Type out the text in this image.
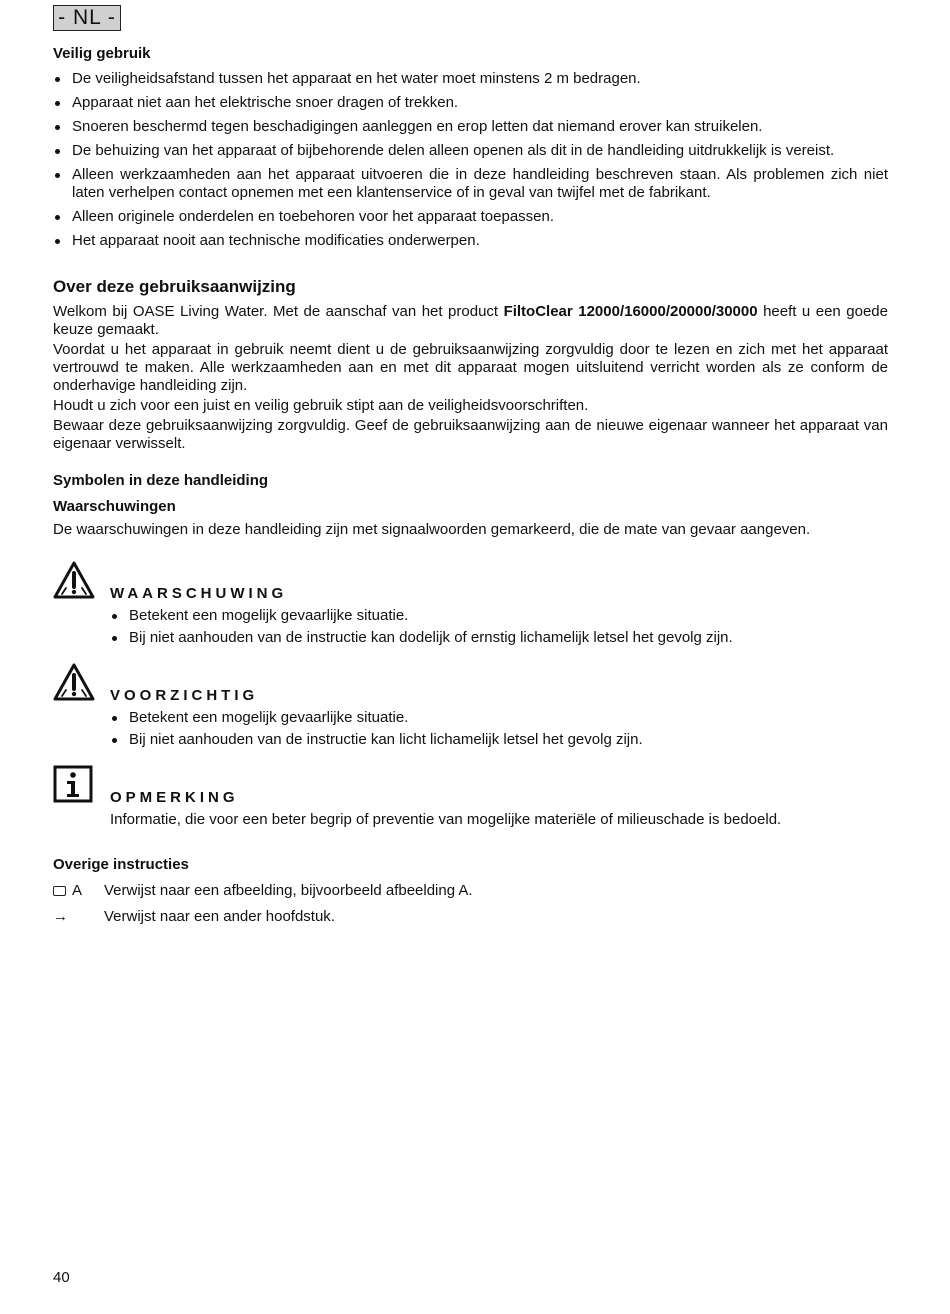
- NL -
Veilig gebruik
De veiligheidsafstand tussen het apparaat en het water moet minstens 2 m bedragen.
Apparaat niet aan het elektrische snoer dragen of trekken.
Snoeren beschermd tegen beschadigingen aanleggen en erop letten dat niemand erover kan struikelen.
De behuizing van het apparaat of bijbehorende delen alleen openen als dit in de handleiding uitdrukkelijk is vereist.
Alleen werkzaamheden aan het apparaat uitvoeren die in deze handleiding beschreven staan. Als problemen zich niet laten verhelpen contact opnemen met een klantenservice of in geval van twijfel met de fabrikant.
Alleen originele onderdelen en toebehoren voor het apparaat toepassen.
Het apparaat nooit aan technische modificaties onderwerpen.
Over deze gebruiksaanwijzing

Welkom bij OASE Living Water. Met de aanschaf van het product FiltoClear 12000/16000/20000/30000 heeft u een goede keuze gemaakt.

Voordat u het apparaat in gebruik neemt dient u de gebruiksaanwijzing zorgvuldig door te lezen en zich met het apparaat vertrouwd te maken. Alle werkzaamheden aan en met dit apparaat mogen uitsluitend verricht worden als ze conform de onderhavige handleiding zijn.

Houdt u zich voor een juist en veilig gebruik stipt aan de veiligheidsvoorschriften.

Bewaar deze gebruiksaanwijzing zorgvuldig. Geef de gebruiksaanwijzing aan de nieuwe eigenaar wanneer het apparaat van eigenaar verwisselt.

Symbolen in deze handleiding
Waarschuwingen

De waarschuwingen in deze handleiding zijn met signaalwoorden gemarkeerd, die de mate van gevaar aangeven.

WAARSCHUWING
Betekent een mogelijk gevaarlijke situatie.
Bij niet aanhouden van de instructie kan dodelijk of ernstig lichamelijk letsel het gevolg zijn.
VOORZICHTIG
Betekent een mogelijk gevaarlijke situatie.
Bij niet aanhouden van de instructie kan licht lichamelijk letsel het gevolg zijn.
OPMERKING
Informatie, die voor een beter begrip of preventie van mogelijke materiële of milieuschade is bedoeld.
Overige instructies
A Verwijst naar een afbeelding, bijvoorbeeld afbeelding A.
→	Verwijst naar een ander hoofdstuk.
40
